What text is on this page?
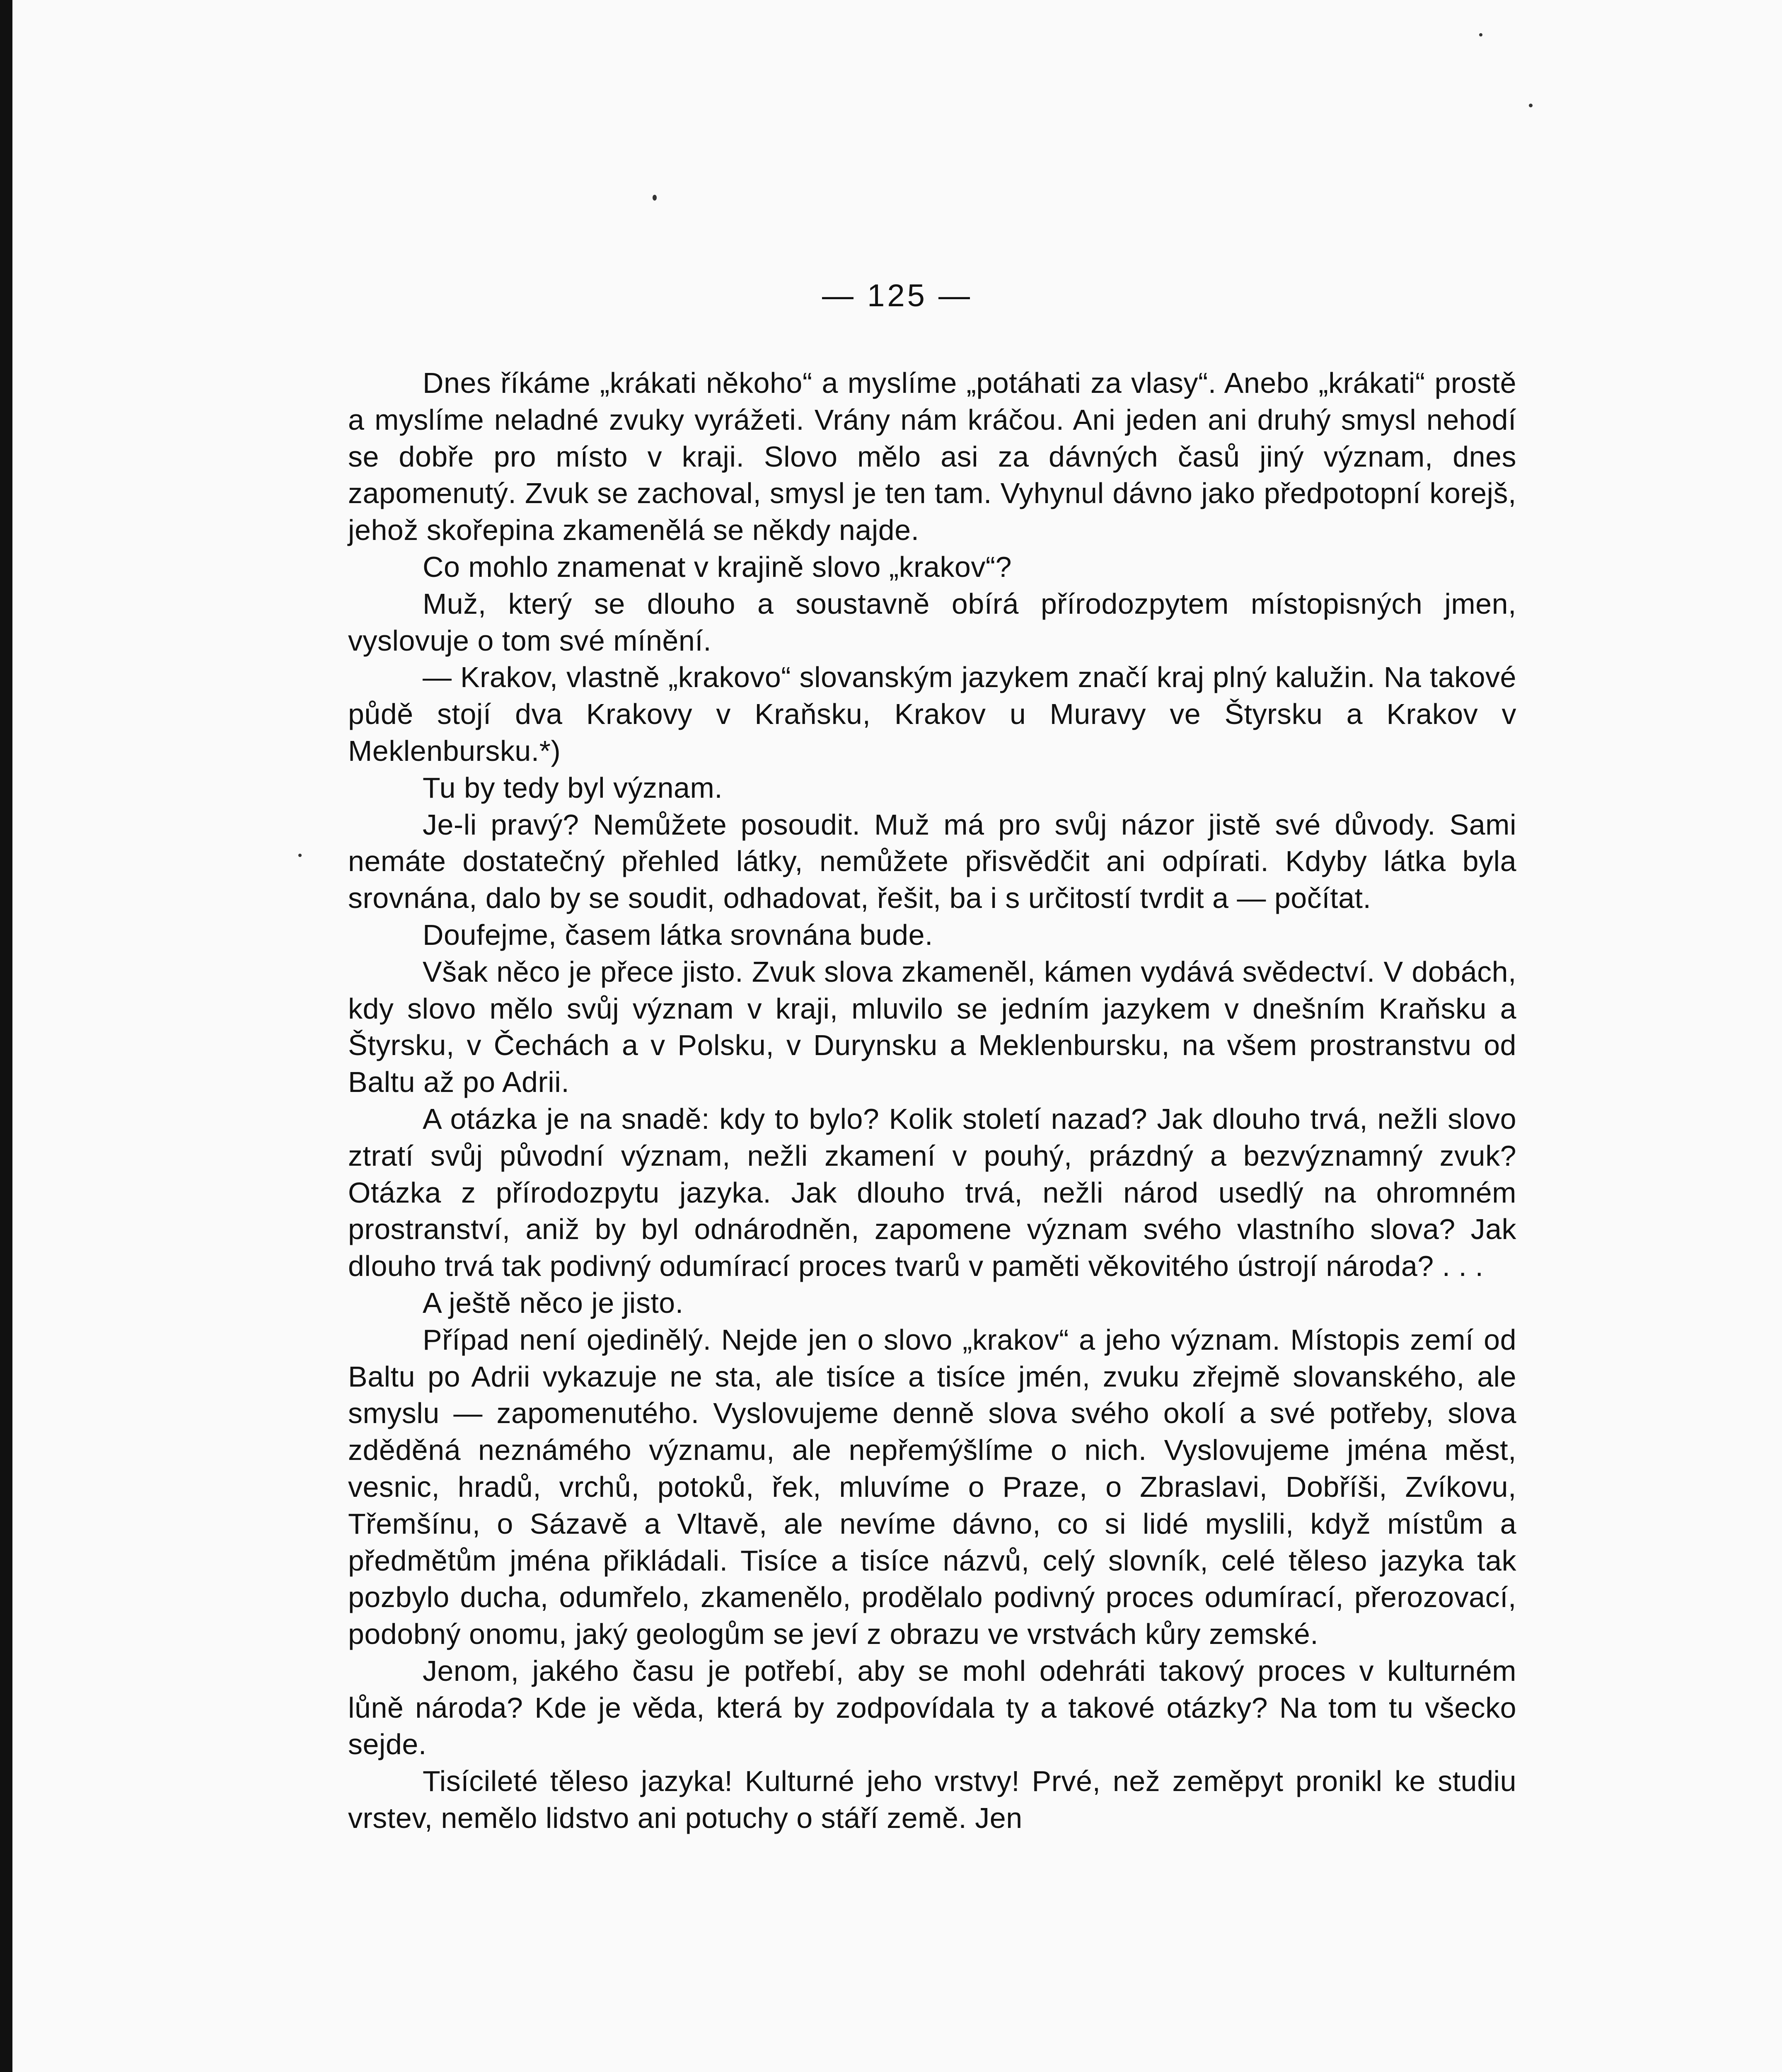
— 125 —

Dnes říkáme „krákati někoho“ a myslíme „potáhati za vlasy“. Anebo „krákati“ prostě a myslíme neladné zvuky vyrážeti. Vrány nám kráčou. Ani jeden ani druhý smysl nehodí se dobře pro místo v kraji. Slovo mělo asi za dávných časů jiný význam, dnes zapomenutý. Zvuk se zachoval, smysl je ten tam. Vyhynul dávno jako předpotopní korejš, jehož skořepina zkamenělá se někdy najde.

Co mohlo znamenat v krajině slovo „krakov“?

Muž, který se dlouho a soustavně obírá přírodozpytem místopisných jmen, vyslovuje o tom své mínění.

— Krakov, vlastně „krakovo“ slovanským jazykem značí kraj plný kalužin. Na takové půdě stojí dva Krakovy v Kraňsku, Krakov u Muravy ve Štyrsku a Krakov v Meklenbursku.*)

Tu by tedy byl význam.

Je-li pravý? Nemůžete posoudit. Muž má pro svůj názor jistě své důvody. Sami nemáte dostatečný přehled látky, nemůžete přisvědčit ani odpírati. Kdyby látka byla srovnána, dalo by se soudit, odhadovat, řešit, ba i s určitostí tvrdit a — počítat.

Doufejme, časem látka srovnána bude.

Však něco je přece jisto. Zvuk slova zkameněl, kámen vydává svědectví. V dobách, kdy slovo mělo svůj význam v kraji, mluvilo se jedním jazykem v dnešním Kraňsku a Štyrsku, v Čechách a v Polsku, v Durynsku a Meklenbursku, na všem prostranstvu od Baltu až po Adrii.

A otázka je na snadě: kdy to bylo? Kolik století nazad? Jak dlouho trvá, nežli slovo ztratí svůj původní význam, nežli zkamení v pouhý, prázdný a bezvýznamný zvuk? Otázka z přírodozpytu jazyka. Jak dlouho trvá, nežli národ usedlý na ohromném prostranství, aniž by byl odnárodněn, zapomene význam svého vlastního slova? Jak dlouho trvá tak podivný odumírací proces tvarů v paměti věkovitého ústrojí národa? . . .

A ještě něco je jisto.

Případ není ojedinělý. Nejde jen o slovo „krakov“ a jeho význam. Místopis zemí od Baltu po Adrii vykazuje ne sta, ale tisíce a tisíce jmén, zvuku zřejmě slovanského, ale smyslu — zapomenutého. Vyslovujeme denně slova svého okolí a své potřeby, slova zděděná neznámého významu, ale nepřemýšlíme o nich. Vyslovujeme jména měst, vesnic, hradů, vrchů, potoků, řek, mluvíme o Praze, o Zbraslavi, Dobříši, Zvíkovu, Třemšínu, o Sázavě a Vltavě, ale nevíme dávno, co si lidé myslili, když místům a předmětům jména přikládali. Tisíce a tisíce názvů, celý slovník, celé těleso jazyka tak pozbylo ducha, odumřelo, zkamenělo, prodělalo podivný proces odumírací, přerozovací, podobný onomu, jaký geologům se jeví z obrazu ve vrstvách kůry zemské.

Jenom, jakého času je potřebí, aby se mohl odehráti takový proces v kulturném lůně národa? Kde je věda, která by zodpovídala ty a takové otázky? Na tom tu všecko sejde.

Tisícileté těleso jazyka! Kulturné jeho vrstvy! Prvé, než zeměpyt pronikl ke studiu vrstev, nemělo lidstvo ani potuchy o stáří země. Jen
